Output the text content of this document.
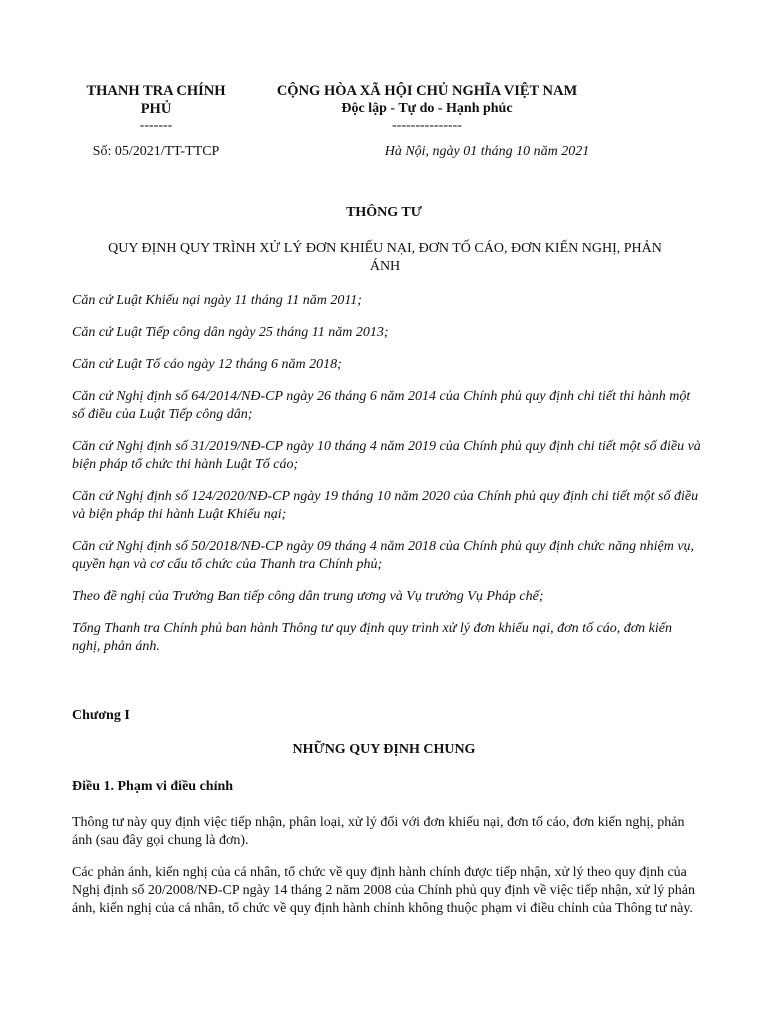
THANH TRA CHÍNH
PHỦ
-------
CỘNG HÒA XÃ HỘI CHỦ NGHĨA VIỆT NAM
Độc lập - Tự do - Hạnh phúc
---------------
Số: 05/2021/TT-TTCP	Hà Nội, ngày 01 tháng 10 năm 2021
THÔNG TƯ
QUY ĐỊNH QUY TRÌNH XỬ LÝ ĐƠN KHIẾU NẠI, ĐƠN TỐ CÁO, ĐƠN KIẾN NGHỊ, PHẢN
ÁNH

Căn cứ Luật Khiếu nại ngày 11 tháng 11 năm 2011;

Căn cứ Luật Tiếp công dân ngày 25 tháng 11 năm 2013;

Căn cứ Luật Tố cáo ngày 12 tháng 6 năm 2018;

Căn cứ Nghị định số 64/2014/NĐ-CP ngày 26 tháng 6 năm 2014 của Chính phủ quy định chi tiết thi hành một số điều của Luật Tiếp công dân;

Căn cứ Nghị định số 31/2019/NĐ-CP ngày 10 tháng 4 năm 2019 của Chính phủ quy định chi tiết một số điều và biện pháp tổ chức thi hành Luật Tố cáo;

Căn cứ Nghị định số 124/2020/NĐ-CP ngày 19 tháng 10 năm 2020 của Chính phủ quy định chi tiết một số điều và biện pháp thi hành Luật Khiếu nại;

Căn cứ Nghị định số 50/2018/NĐ-CP ngày 09 tháng 4 năm 2018 của Chính phủ quy định chức năng nhiệm vụ, quyền hạn và cơ cấu tổ chức của Thanh tra Chính phủ;

Theo đề nghị của Trưởng Ban tiếp công dân trung ương và Vụ trưởng Vụ Pháp chế;

Tổng Thanh tra Chính phủ ban hành Thông tư quy định quy trình xử lý đơn khiếu nại, đơn tố cáo, đơn kiến nghị, phản ánh.

Chương I
NHỮNG QUY ĐỊNH CHUNG
Điều 1. Phạm vi điều chỉnh

Thông tư này quy định việc tiếp nhận, phân loại, xử lý đối với đơn khiếu nại, đơn tố cáo, đơn kiến nghị, phản ánh (sau đây gọi chung là đơn).

Các phản ánh, kiến nghị của cá nhân, tổ chức về quy định hành chính được tiếp nhận, xử lý theo quy định của Nghị định số 20/2008/NĐ-CP ngày 14 tháng 2 năm 2008 của Chính phủ quy định về việc tiếp nhận, xử lý phản ánh, kiến nghị của cá nhân, tổ chức về quy định hành chính không thuộc phạm vi điều chỉnh của Thông tư này.
